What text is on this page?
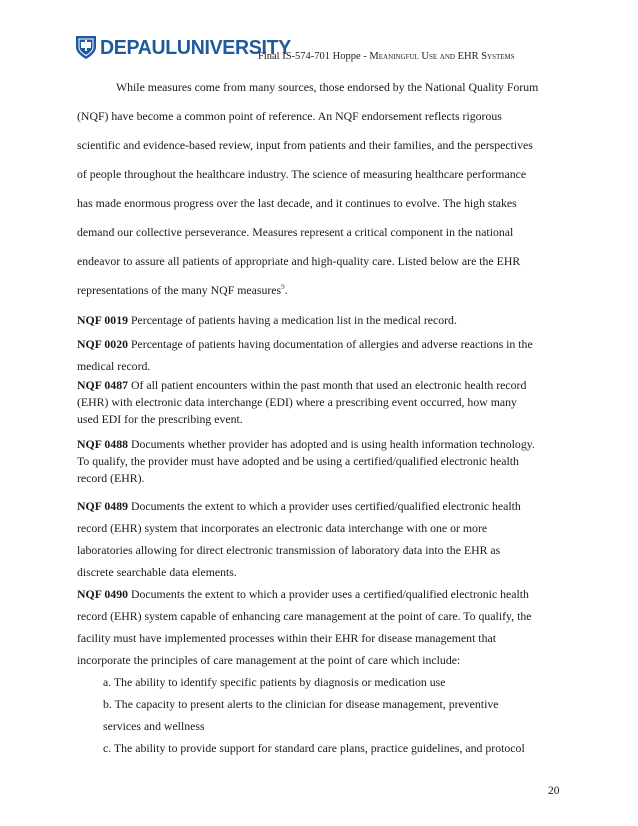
DEPAULUNIVERSITY
Final IS-574-701 Hoppe - Meaningful Use and EHR Systems

While measures come from many sources, those endorsed by the National Quality Forum

(NQF) have become a common point of reference. An NQF endorsement reflects rigorous

scientific and evidence-based review, input from patients and their families, and the perspectives

of people throughout the healthcare industry. The science of measuring healthcare performance

has made enormous progress over the last decade, and it continues to evolve. The high stakes

demand our collective perseverance. Measures represent a critical component in the national

endeavor to assure all patients of appropriate and high-quality care. Listed below are the EHR

representations of the many NQF measures$^9$.

NQF 0019 Percentage of patients having a medication list in the medical record.

NQF 0020 Percentage of patients having documentation of allergies and adverse reactions in the

medical record.

NQF 0487 Of all patient encounters within the past month that used an electronic health record

(EHR) with electronic data interchange (EDI) where a prescribing event occurred, how many

used EDI for the prescribing event.

NQF 0488 Documents whether provider has adopted and is using health information technology.

To qualify, the provider must have adopted and be using a certified/qualified electronic health

record (EHR).

NQF 0489 Documents the extent to which a provider uses certified/qualified electronic health

record (EHR) system that incorporates an electronic data interchange with one or more

laboratories allowing for direct electronic transmission of laboratory data into the EHR as

discrete searchable data elements.

NQF 0490 Documents the extent to which a provider uses a certified/qualified electronic health

record (EHR) system capable of enhancing care management at the point of care. To qualify, the

facility must have implemented processes within their EHR for disease management that

incorporate the principles of care management at the point of care which include:

a. The ability to identify specific patients by diagnosis or medication use

b. The capacity to present alerts to the clinician for disease management, preventive

services and wellness

c. The ability to provide support for standard care plans, practice guidelines, and protocol

20
